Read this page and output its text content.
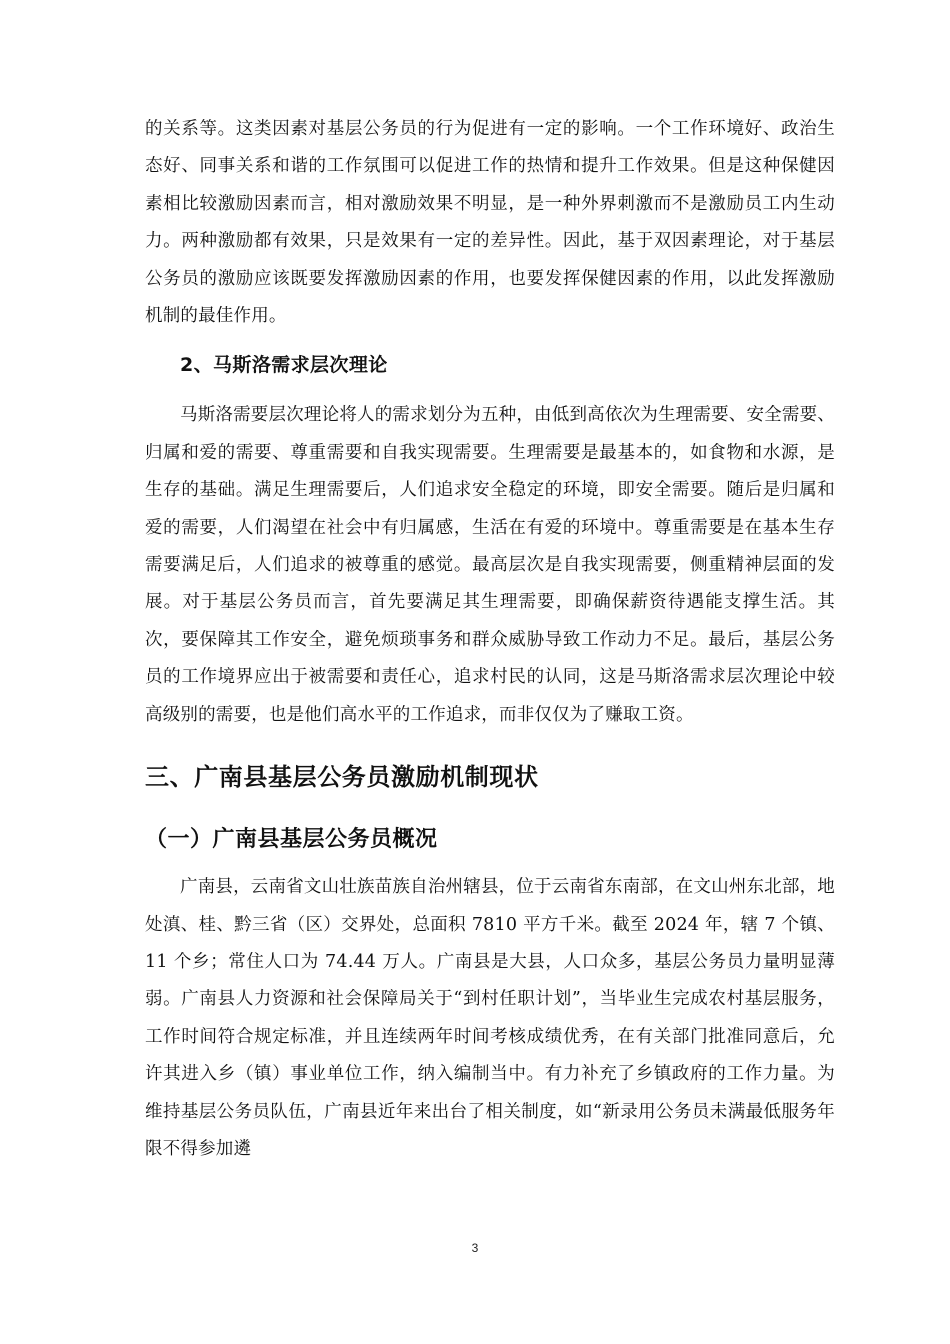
的关系等。这类因素对基层公务员的行为促进有一定的影响。一个工作环境好、政治生态好、同事关系和谐的工作氛围可以促进工作的热情和提升工作效果。但是这种保健因素相比较激励因素而言，相对激励效果不明显，是一种外界刺激而不是激励员工内生动力。两种激励都有效果，只是效果有一定的差异性。因此，基于双因素理论，对于基层公务员的激励应该既要发挥激励因素的作用，也要发挥保健因素的作用，以此发挥激励机制的最佳作用。

2、马斯洛需求层次理论

马斯洛需要层次理论将人的需求划分为五种，由低到高依次为生理需要、安全需要、归属和爱的需要、尊重需要和自我实现需要。生理需要是最基本的，如食物和水源，是生存的基础。满足生理需要后，人们追求安全稳定的环境，即安全需要。随后是归属和爱的需要，人们渴望在社会中有归属感，生活在有爱的环境中。尊重需要是在基本生存需要满足后，人们追求的被尊重的感觉。最高层次是自我实现需要，侧重精神层面的发展。对于基层公务员而言，首先要满足其生理需要，即确保薪资待遇能支撑生活。其次，要保障其工作安全，避免烦琐事务和群众威胁导致工作动力不足。最后，基层公务员的工作境界应出于被需要和责任心，追求村民的认同，这是马斯洛需求层次理论中较高级别的需要，也是他们高水平的工作追求，而非仅仅为了赚取工资。

三、广南县基层公务员激励机制现状
（一）广南县基层公务员概况

广南县，云南省文山壮族苗族自治州辖县，位于云南省东南部，在文山州东北部，地处滇、桂、黔三省（区）交界处，总面积 7810 平方千米。截至 2024 年，辖 7 个镇、11 个乡；常住人口为 74.44 万人。广南县是大县，人口众多，基层公务员力量明显薄弱。广南县人力资源和社会保障局关于“到村任职计划”，当毕业生完成农村基层服务，工作时间符合规定标准，并且连续两年时间考核成绩优秀，在有关部门批准同意后，允许其进入乡（镇）事业单位工作，纳入编制当中。有力补充了乡镇政府的工作力量。为维持基层公务员队伍，广南县近年来出台了相关制度，如“新录用公务员未满最低服务年限不得参加遴

3
